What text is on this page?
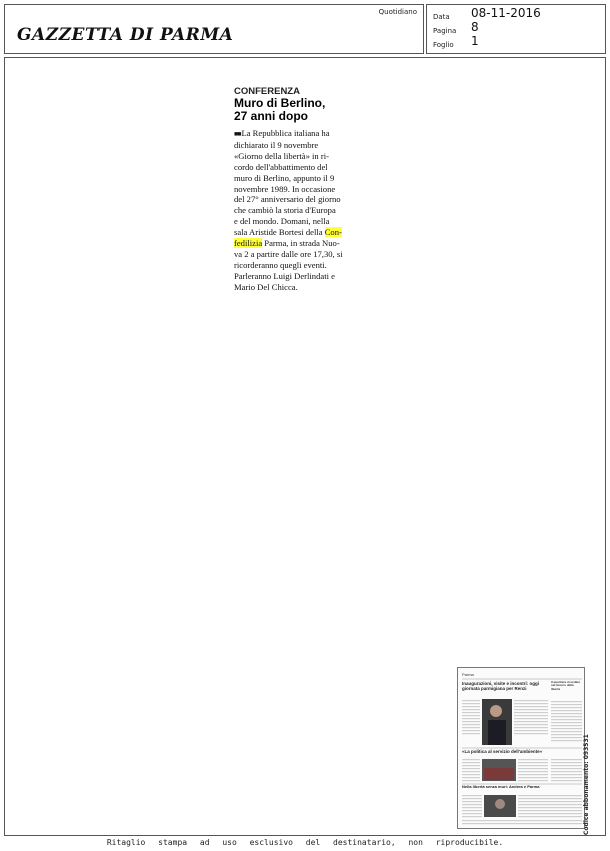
GAZZETTA DI PARMA
Quotidiano
Data 08-11-2016
Pagina 8
Foglio 1

CONFERENZA

Muro di Berlino,
27 anni dopo

■■La Repubblica italiana ha
dichiarato il 9 novembre
«Giorno della libertà» in ri-
cordo dell'abbattimento del
muro di Berlino, appunto il 9
novembre 1989. In occasione
del 27° anniversario del giorno
che cambiò la storia d'Europa
e del mondo. Domani, nella
sala Aristide Bortesi della Con-
fedilizia Parma, in strada Nuo-
va 2 a partire dalle ore 17,30, si
ricorderanno quegli eventi.
Parleranno Luigi Derlindati e
Mario Del Chicca.

Parma
Inaugurazioni, visite e incontri: oggi giornata parmigiana per Renzi
Il quartiere ricordato nel Giorno della libertà
«La politica al servizio dell'ambiente»
Nella libertà senza muri: Andrea e Parma	Codice abbonamento: 093531
Ritaglio stampa ad uso esclusivo del destinatario, non riproducibile.
